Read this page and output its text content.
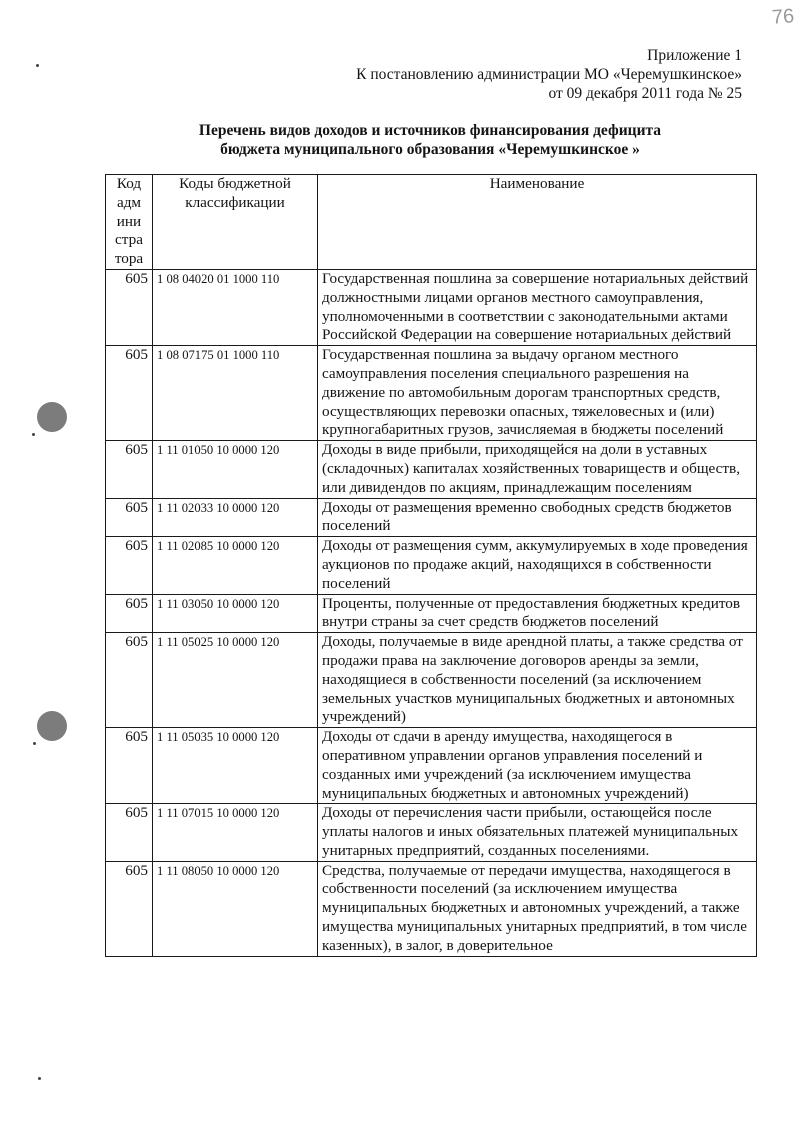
76
Приложение 1
К постановлению администрации МО «Черемушкинское»
от 09 декабря 2011 года № 25
Перечень видов доходов и источников финансирования дефицита
бюджета муниципального образования «Черемушкинское »
Код адм ини стра тора	Коды бюджетной классификации	Наименование
605	1 08 04020 01 1000 110	Государственная пошлина за совершение нотариальных действий должностными лицами органов местного самоуправления, уполномоченными в соответствии с законодательными актами Российской Федерации на совершение нотариальных действий
605	1 08 07175 01 1000 110	Государственная пошлина за выдачу органом местного самоуправления поселения специального разрешения на движение по автомобильным дорогам транспортных средств, осуществляющих перевозки опасных, тяжеловесных и (или) крупногабаритных грузов, зачисляемая в бюджеты поселений
605	1 11 01050 10 0000 120	Доходы в виде прибыли, приходящейся на доли в уставных (складочных) капиталах хозяйственных товариществ и обществ, или дивидендов по акциям, принадлежащим поселениям
605	1 11 02033 10 0000 120	Доходы от размещения временно свободных средств бюджетов поселений
605	1 11 02085 10 0000 120	Доходы от размещения сумм, аккумулируемых в ходе проведения аукционов по продаже акций, находящихся в собственности поселений
605	1 11 03050 10 0000 120	Проценты, полученные от предоставления бюджетных кредитов внутри страны за счет средств бюджетов поселений
605	1 11 05025 10 0000 120	Доходы, получаемые в виде арендной платы, а также средства от продажи права на заключение договоров аренды за земли, находящиеся в собственности поселений (за исключением земельных участков муниципальных бюджетных и автономных учреждений)
605	1 11 05035 10 0000 120	Доходы от сдачи в аренду имущества, находящегося в оперативном управлении органов управления поселений и созданных ими учреждений (за исключением имущества муниципальных бюджетных и автономных учреждений)
605	1 11 07015 10 0000 120	Доходы от перечисления части прибыли, остающейся после уплаты налогов и иных обязательных платежей муниципальных унитарных предприятий, созданных поселениями.
605	1 11 08050 10 0000 120	Средства, получаемые от передачи имущества, находящегося в собственности поселений (за исключением имущества муниципальных бюджетных и автономных учреждений, а также имущества муниципальных унитарных предприятий, в том числе казенных), в залог, в доверительное
